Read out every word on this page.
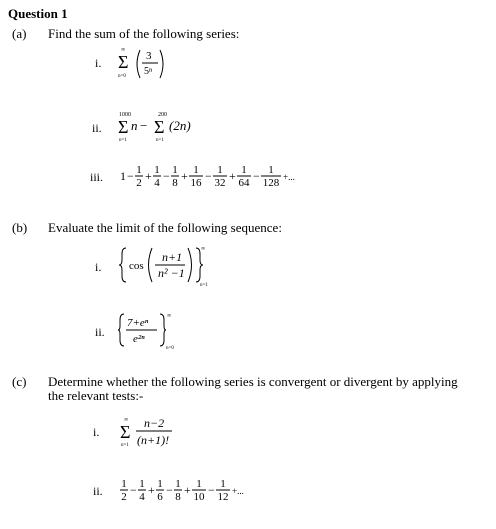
Question 1
(a) Find the sum of the following series:
i.
∞
Σ
n=0
3
5ⁿ
ii.
1000
Σ
n=1
n −
200
Σ
n=1
(2n)
iii. 1 − 1
2 + 1
4 − 1
8 + 1
16 − 1
32 + 1
64 − 1
128 +...
(b) Evaluate the limit of the following sequence:
i.	cos
n+1
n² −1
∞
n=1
ii.
7+eⁿ
e²ⁿ
∞
n=0
(c) Determine whether the following series is convergent or divergent by applying
the relevant tests:-
i.
∞
Σ
n=1
n−2
(n+1)!
ii. 1
2 − 1
4 + 1
6 − 1
8 + 1
10 − 1
12 +...
